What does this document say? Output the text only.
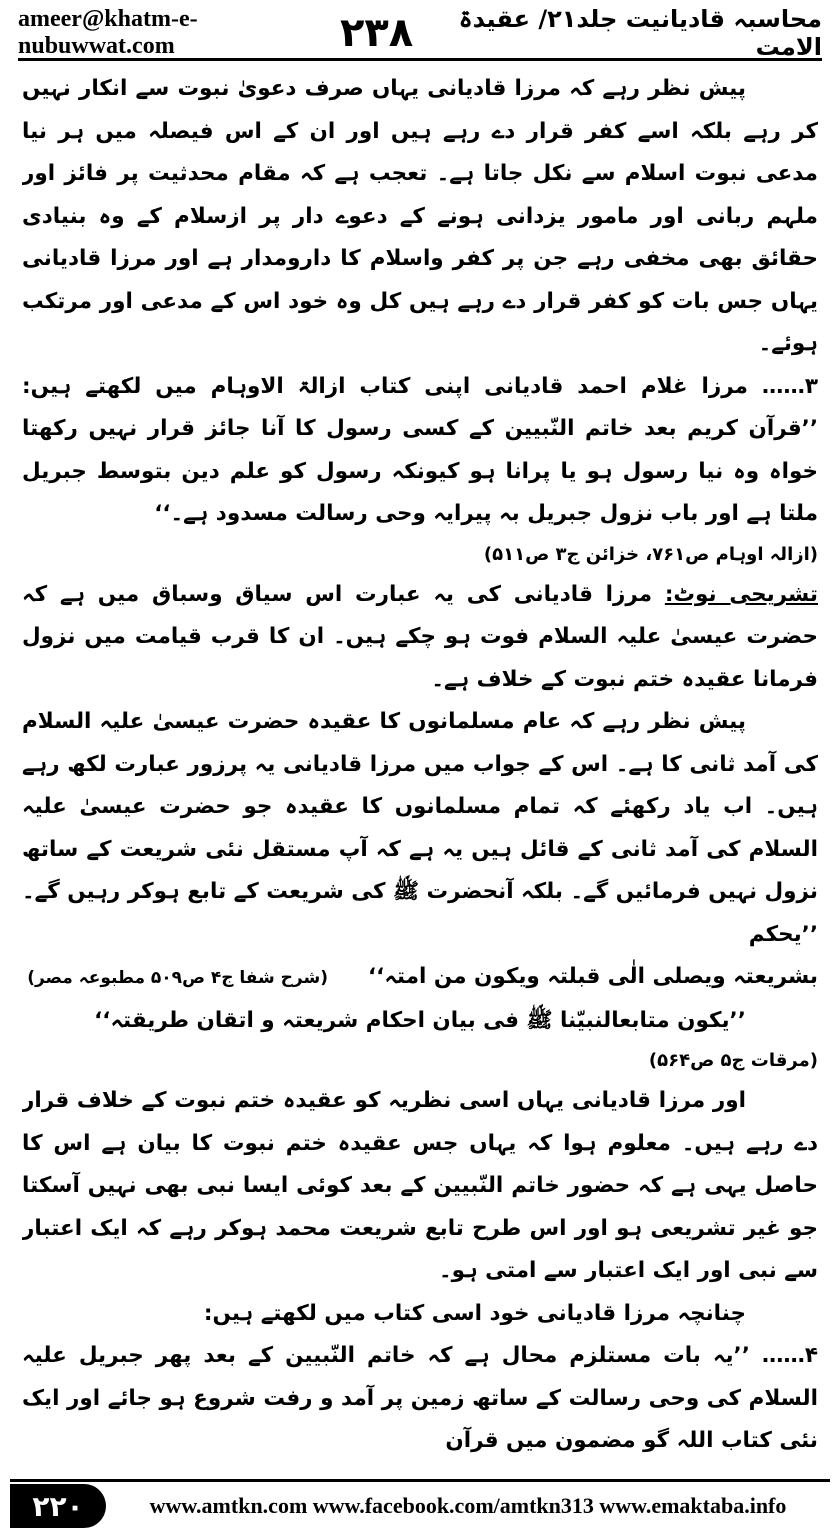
ameer@khatm-e-nubuwwat.com	۲۳۸	محاسبہ قادیانیت جلد۲۱/ عقیدۃ الامت

پیش نظر رہے کہ مرزا قادیانی یہاں صرف دعویٰ نبوت سے انکار نہیں کر رہے بلکہ اسے کفر قرار دے رہے ہیں اور ان کے اس فیصلہ میں ہر نیا مدعی نبوت اسلام سے نکل جاتا ہے۔ تعجب ہے کہ مقام محدثیت پر فائز اور ملہم ربانی اور مامور یزدانی ہونے کے دعوے دار پر ازسلام کے وہ بنیادی حقائق بھی مخفی رہے جن پر کفر واسلام کا دارومدار ہے اور مرزا قادیانی یہاں جس بات کو کفر قرار دے رہے ہیں کل وہ خود اس کے مدعی اور مرتکب ہوئے۔

۳…… مرزا غلام احمد قادیانی اپنی کتاب ازالۃ الاوہام میں لکھتے ہیں: ’’قرآن کریم بعد خاتم النّبیین کے کسی رسول کا آنا جائز قرار نہیں رکھتا خواہ وہ نیا رسول ہو یا پرانا ہو کیونکہ رسول کو علم دین بتوسط جبریل ملتا ہے اور باب نزول جبریل بہ پیرایہ وحی رسالت مسدود ہے۔‘‘

(ازالہ اوہام ص۷۶۱، خزائن ج۳ ص۵۱۱)

تشریحی نوٹ: مرزا قادیانی کی یہ عبارت اس سیاق وسباق میں ہے کہ حضرت عیسیٰ علیہ السلام فوت ہو چکے ہیں۔ ان کا قرب قیامت میں نزول فرمانا عقیدہ ختم نبوت کے خلاف ہے۔

پیش نظر رہے کہ عام مسلمانوں کا عقیدہ حضرت عیسیٰ علیہ السلام کی آمد ثانی کا ہے۔ اس کے جواب میں مرزا قادیانی یہ پرزور عبارت لکھ رہے ہیں۔ اب یاد رکھئے کہ تمام مسلمانوں کا عقیدہ جو حضرت عیسیٰ علیہ السلام کی آمد ثانی کے قائل ہیں یہ ہے کہ آپ مستقل نئی شریعت کے ساتھ نزول نہیں فرمائیں گے۔ بلکہ آنحضرت ﷺ کی شریعت کے تابع ہوکر رہیں گے۔ ’’یحکم

بشریعتہ ویصلی الٰی قبلتہ ویکون من امتہ‘‘(شرح شفا ج۴ ص۵۰۹ مطبوعہ مصر)

’’یکون متابعالنبیّنا ﷺ فی بیان احکام شریعتہ و اتقان طریقتہ‘‘

(مرقات ج۵ ص۵۶۴)

اور مرزا قادیانی یہاں اسی نظریہ کو عقیدہ ختم نبوت کے خلاف قرار دے رہے ہیں۔ معلوم ہوا کہ یہاں جس عقیدہ ختم نبوت کا بیان ہے اس کا حاصل یہی ہے کہ حضور خاتم النّبیین کے بعد کوئی ایسا نبی بھی نہیں آسکتا جو غیر تشریعی ہو اور اس طرح تابع شریعت محمد ہوکر رہے کہ ایک اعتبار سے نبی اور ایک اعتبار سے امتی ہو۔

چنانچہ مرزا قادیانی خود اسی کتاب میں لکھتے ہیں:

۴…… ’’یہ بات مستلزم محال ہے کہ خاتم النّبیین کے بعد پھر جبریل علیہ السلام کی وحی رسالت کے ساتھ زمین پر آمد و رفت شروع ہو جائے اور ایک نئی کتاب اللہ گو مضمون میں قرآن

۲۲۰	www.amtkn.com www.facebook.com/amtkn313 www.emaktaba.info
